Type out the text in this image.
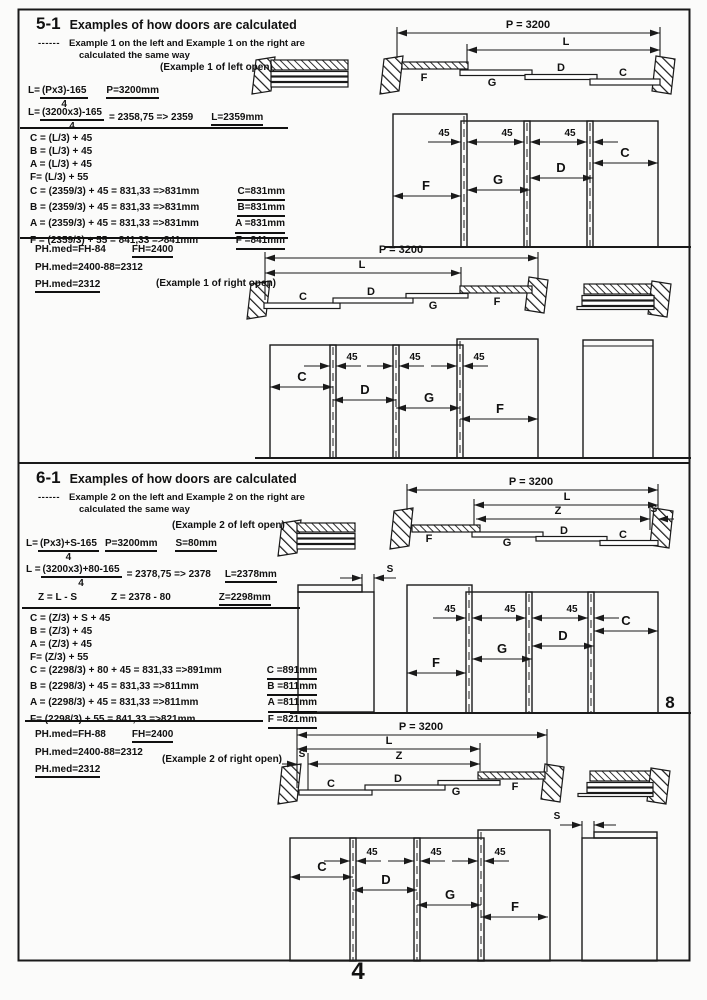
P = 3200
L
F	G
D	C
45	45	45
C
D
G
F
P = 3200
L
C	D
G	F
45	45	45
C
D
G
F
P = 3200
L
Z	S
F	G
D	C
S
45	45	45
C
D
G
F
8
P = 3200
L
Z
S
C	D
G	F
45	45	45
C
D
G
F
S
5-1 Examples of how doors are calculated
------ Example 1 on the left and Example 1 on the right are
calculated the same way
(Example 1 of left open)
$L= \frac{(Px3)-165}{4} P=3200mm$
$L= \frac{(3200x3)-165}{4} = 2358,75 => 2359$ L=2359mm
C = (L/3) + 45
B = (L/3) + 45
A = (L/3) + 45
F= (L/3) + 55
C = (2359/3) + 45 = 831,33 =>831mm	C=831mm
B = (2359/3) + 45 = 831,33 =>831mm	B=831mm
A = (2359/3) + 45 = 831,33 =>831mm	A =831mm
F = (2359/3) + 55 = 841,33 =>841mm	F =841mm
PH.med=FH-84	FH=2400
PH.med=2400-88=2312
PH.med=2312	(Example 1 of right open)
6-1 Examples of how doors are calculated
------ Example 2 on the left and Example 2 on the right are
calculated the same way
(Example 2 of left open)
$L= \frac{(Px3)+S-165}{4} P=3200mm$ S=80mm
$L = \frac{(3200x3)+80-165}{4} = 2378,75 => 2378$ L=2378mm
Z = L - S	Z = 2378 - 80	Z=2298mm
C = (Z/3) + S + 45
B = (Z/3) + 45
A = (Z/3) + 45
F= (Z/3) + 55
C = (2298/3) + 80 + 45 = 831,33 =>891mm	C =891mm
B = (2298/3) + 45 = 831,33 =>811mm	B =811mm
A = (2298/3) + 45 = 831,33 =>811mm	A =811mm
F= (2298/3) + 55 = 841,33 =>821mm	F =821mm
PH.med=FH-88	FH=2400
PH.med=2400-88=2312
PH.med=2312
(Example 2 of right open)
4
